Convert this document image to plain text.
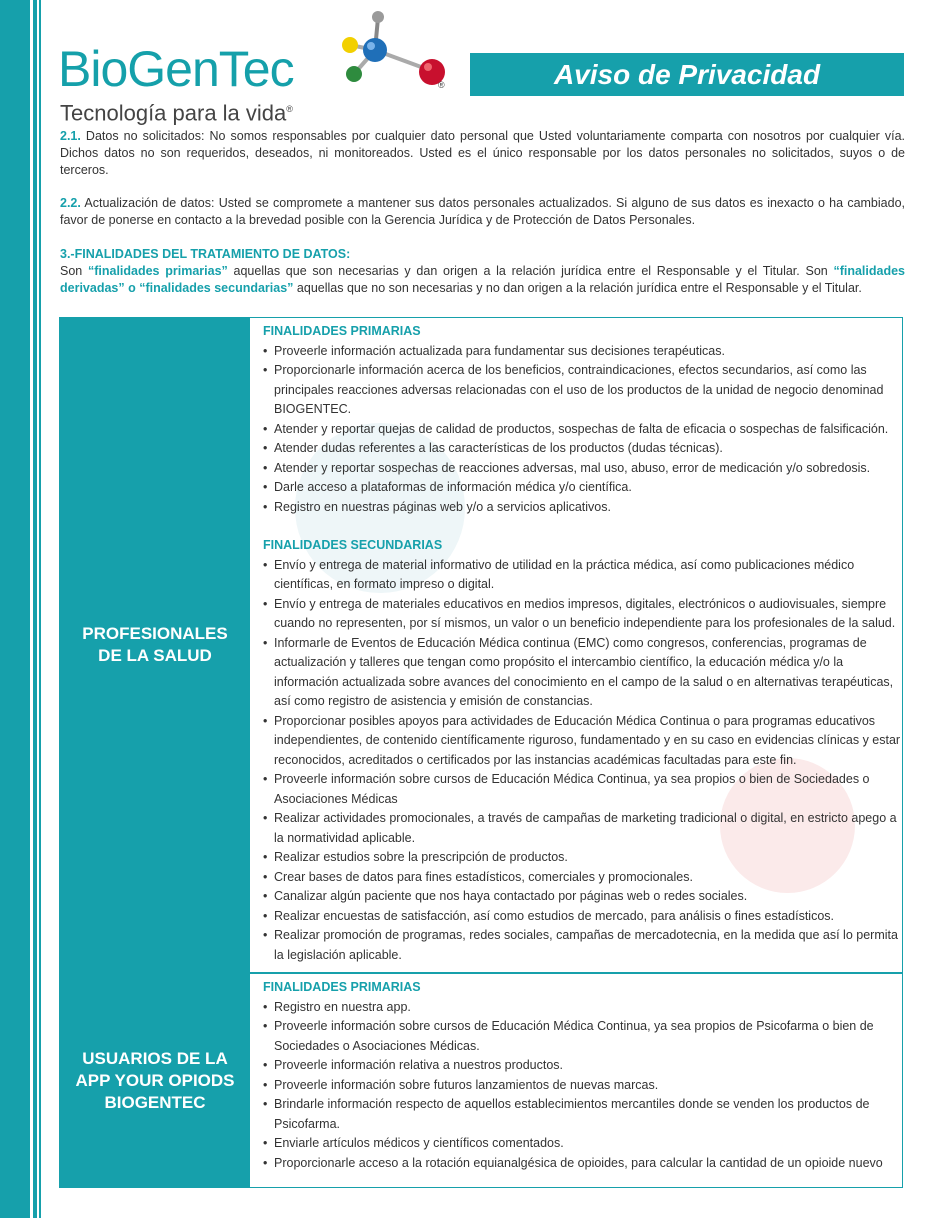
BioGenTec
Tecnología para la vida®
®	Aviso de Privacidad
2.1. Datos no solicitados: No somos responsables por cualquier dato personal que Usted voluntariamente comparta con nosotros por cualquier vía. Dichos datos no son requeridos, deseados, ni monitoreados. Usted es el único responsable por los datos personales no solicitados, suyos o de terceros.
2.2. Actualización de datos: Usted se compromete a mantener sus datos personales actualizados. Si alguno de sus datos es inexacto o ha cambiado, favor de ponerse en contacto a la brevedad posible con la Gerencia Jurídica y de Protección de Datos Personales.
3.-FINALIDADES DEL TRATAMIENTO DE DATOS:
Son “finalidades primarias” aquellas que son necesarias y dan origen a la relación jurídica entre el Responsable y el Titular. Son “finalidades derivadas” o “finalidades secundarias” aquellas que no son necesarias y no dan origen a la relación jurídica entre el Responsable y el Titular.
PROFESIONALES DE LA SALUD
USUARIOS DE LA APP YOUR OPIODS BIOGENTEC
FINALIDADES PRIMARIAS
• Proveerle información actualizada para fundamentar sus decisiones terapéuticas.
• Proporcionarle información acerca de los beneficios, contraindicaciones, efectos secundarios, así como las principales reacciones adversas relacionadas con el uso de los productos de la unidad de negocio denominad BIOGENTEC.
• Atender y reportar quejas de calidad de productos, sospechas de falta de eficacia o sospechas de falsificación.
• Atender dudas referentes a las características de los productos (dudas técnicas).
• Atender y reportar sospechas de reacciones adversas, mal uso, abuso, error de medicación y/o sobredosis.
• Darle acceso a plataformas de información médica y/o científica.
• Registro en nuestras páginas web y/o a servicios aplicativos.
FINALIDADES SECUNDARIAS
• Envío y entrega de material informativo de utilidad en la práctica médica, así como publicaciones médico científicas, en formato impreso o digital.
• Envío y entrega de materiales educativos en medios impresos, digitales, electrónicos o audiovisuales, siempre cuando no representen, por sí mismos, un valor o un beneficio independiente para los profesionales de la salud.
• Informarle de Eventos de Educación Médica continua (EMC) como congresos, conferencias, programas de actualización y talleres que tengan como propósito el intercambio científico, la educación médica y/o la información actualizada sobre avances del conocimiento en el campo de la salud o en alternativas terapéuticas, así como registro de asistencia y emisión de constancias.
• Proporcionar posibles apoyos para actividades de Educación Médica Continua o para programas educativos independientes, de contenido científicamente riguroso, fundamentado y en su caso en evidencias clínicas y estar reconocidos, acreditados o certificados por las instancias académicas facultadas para este fin.
• Proveerle información sobre cursos de Educación Médica Continua, ya sea propios o bien de Sociedades o Asociaciones Médicas
• Realizar actividades promocionales, a través de campañas de marketing tradicional o digital, en estricto apego a la normatividad aplicable.
• Realizar estudios sobre la prescripción de productos.
• Crear bases de datos para fines estadísticos, comerciales y promocionales.
• Canalizar algún paciente que nos haya contactado por páginas web o redes sociales.
• Realizar encuestas de satisfacción, así como estudios de mercado, para análisis o fines estadísticos.
• Realizar promoción de programas, redes sociales, campañas de mercadotecnia, en la medida que así lo permita la legislación aplicable.
FINALIDADES PRIMARIAS
• Registro en nuestra app.
• Proveerle información sobre cursos de Educación Médica Continua, ya sea propios de Psicofarma o bien de Sociedades o Asociaciones Médicas.
• Proveerle información relativa a nuestros productos.
• Proveerle información sobre futuros lanzamientos de nuevas marcas.
• Brindarle información respecto de aquellos establecimientos mercantiles donde se venden los productos de Psicofarma.
• Enviarle artículos médicos y científicos comentados.
• Proporcionarle acceso a la rotación equianalgésica de opioides, para calcular la cantidad de un opioide nuevo
